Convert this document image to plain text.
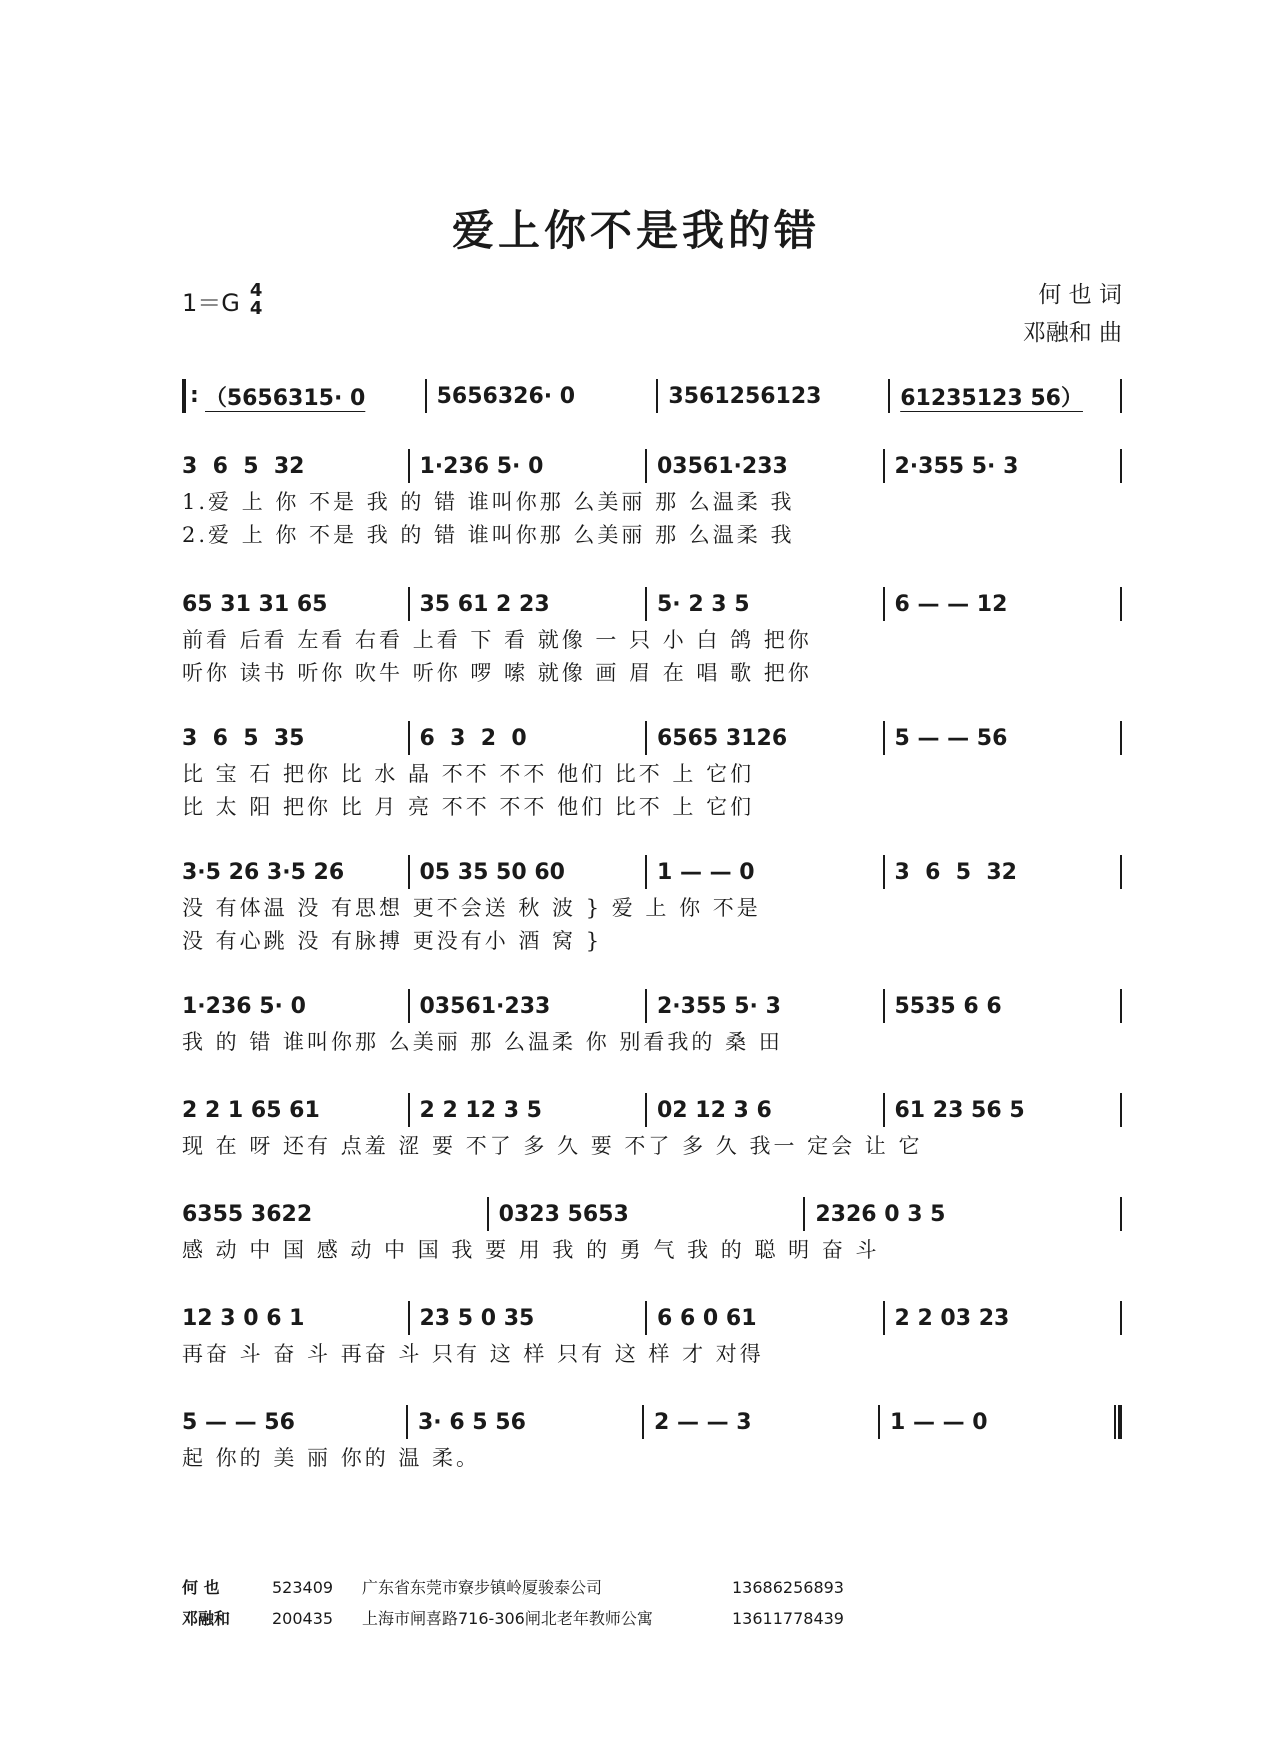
爱上你不是我的错
1＝G 4
4
何 也 词
邓融和 曲
: （5656315· 0	5656326· 0	3561256123	61235123 56）
3  6  5  32	1·236 5· 0	03561·233	2·355 5· 3
1.爱 上 你 不是 我 的 错 谁叫你那 么美丽 那 么温柔 我
2.爱 上 你 不是 我 的 错 谁叫你那 么美丽 那 么温柔 我
65 31 31 65	35 61 2 23	5· 2 3 5	6 — — 12
前看 后看 左看 右看 上看 下 看 就像 一 只 小 白 鸽 把你
听你 读书 听你 吹牛 听你 啰 嗦 就像 画 眉 在 唱 歌 把你
3  6  5  35	6  3  2  0	6565 3126	5 — — 56
比 宝 石 把你 比 水 晶 不不 不不 他们 比不 上 它们
比 太 阳 把你 比 月 亮 不不 不不 他们 比不 上 它们
3·5 26 3·5 26	05 35 50 60	1 — — 0	3  6  5  32
没 有体温 没 有思想 更不会送 秋 波 } 爱 上 你 不是
没 有心跳 没 有脉搏 更没有小 酒 窝 }
1·236 5· 0	03561·233	2·355 5· 3	5535 6 6
我 的 错 谁叫你那 么美丽 那 么温柔 你 别看我的 桑 田
2 2 1 65 61	2 2 12 3 5	02 12 3 6	61 23 56 5
现 在 呀 还有 点羞 涩 要 不了 多 久 要 不了 多 久 我一 定会 让 它
6355 3622	0323 5653	2326 0 3 5
感 动 中 国 感 动 中 国 我 要 用 我 的 勇 气 我 的 聪 明 奋 斗
12 3 0 6 1	23 5 0 35	6 6 0 61	2 2 03 23
再奋 斗 奋 斗 再奋 斗 只有 这 样 只有 这 样 才 对得
5 — — 56	3· 6 5 56	2 — — 3	1 — — 0
起 你的 美 丽 你的 温 柔。
何 也	523409	广东省东莞市寮步镇岭厦骏泰公司	13686256893
邓融和	200435	上海市闸喜路716-306闸北老年教师公寓	13611778439
